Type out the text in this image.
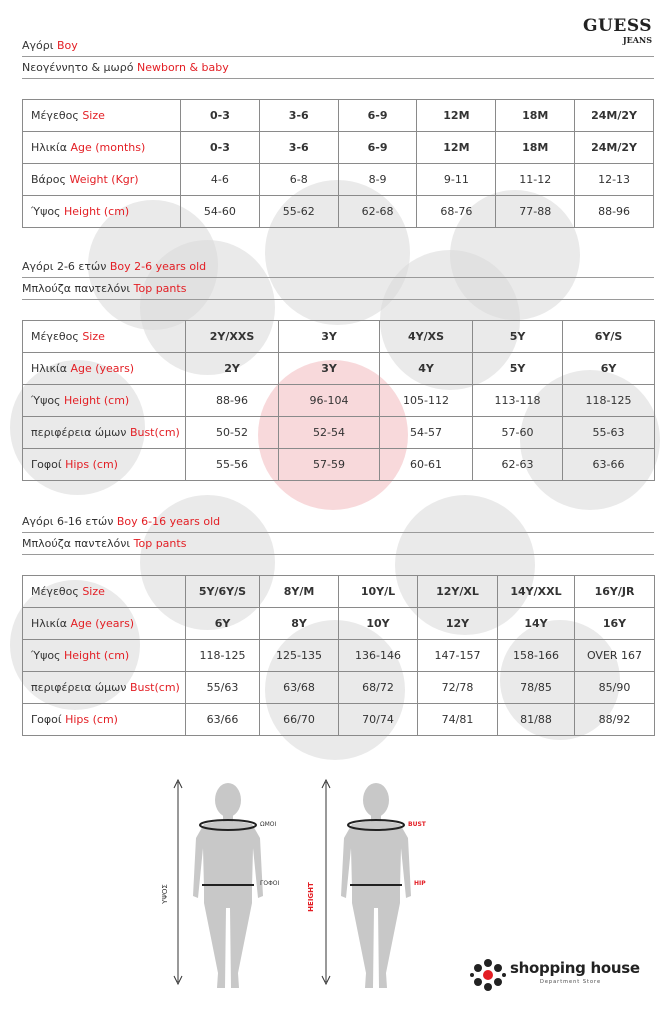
GUESS
JEANS
Αγόρι Boy
Νεογέννητο & μωρό Newborn & baby
Μέγεθος Size	0-3	3-6	6-9	12M	18M	24M/2Y
Ηλικία Age (months)	0-3	3-6	6-9	12M	18M	24M/2Y
Βάρος Weight (Kgr)	4-6	6-8	8-9	9-11	11-12	12-13
Ύψος Height (cm)	54-60	55-62	62-68	68-76	77-88	88-96
Αγόρι 2-6 ετών Boy 2-6 years old
Μπλούζα παντελόνι Top pants
Μέγεθος Size	2Y/XXS	3Y	4Y/XS	5Y	6Y/S
Ηλικία Age (years)	2Y	3Y	4Y	5Y	6Y
Ύψος Height (cm)	88-96	96-104	105-112	113-118	118-125
περιφέρεια ώμων Bust(cm)	50-52	52-54	54-57	57-60	55-63
Γοφοί Hips (cm)	55-56	57-59	60-61	62-63	63-66
Αγόρι 6-16 ετών Boy 6-16 years old
Μπλούζα παντελόνι Top pants
Μέγεθος Size	5Y/6Y/S	8Y/M	10Y/L	12Y/XL	14Y/XXL	16Y/JR
Ηλικία Age (years)	6Y	8Y	10Y	12Y	14Y	16Y
Ύψος Height (cm)	118-125	125-135	136-146	147-157	158-166	OVER 167
περιφέρεια ώμων Bust(cm)	55/63	63/68	68/72	72/78	78/85	85/90
Γοφοί Hips (cm)	63/66	66/70	70/74	74/81	81/88	88/92
ΥΨΟΣ
ΩΜΟΙ
ΓΟΦΟΙ	HEIGHT
BUST
HIP
shopping house
Department Store
